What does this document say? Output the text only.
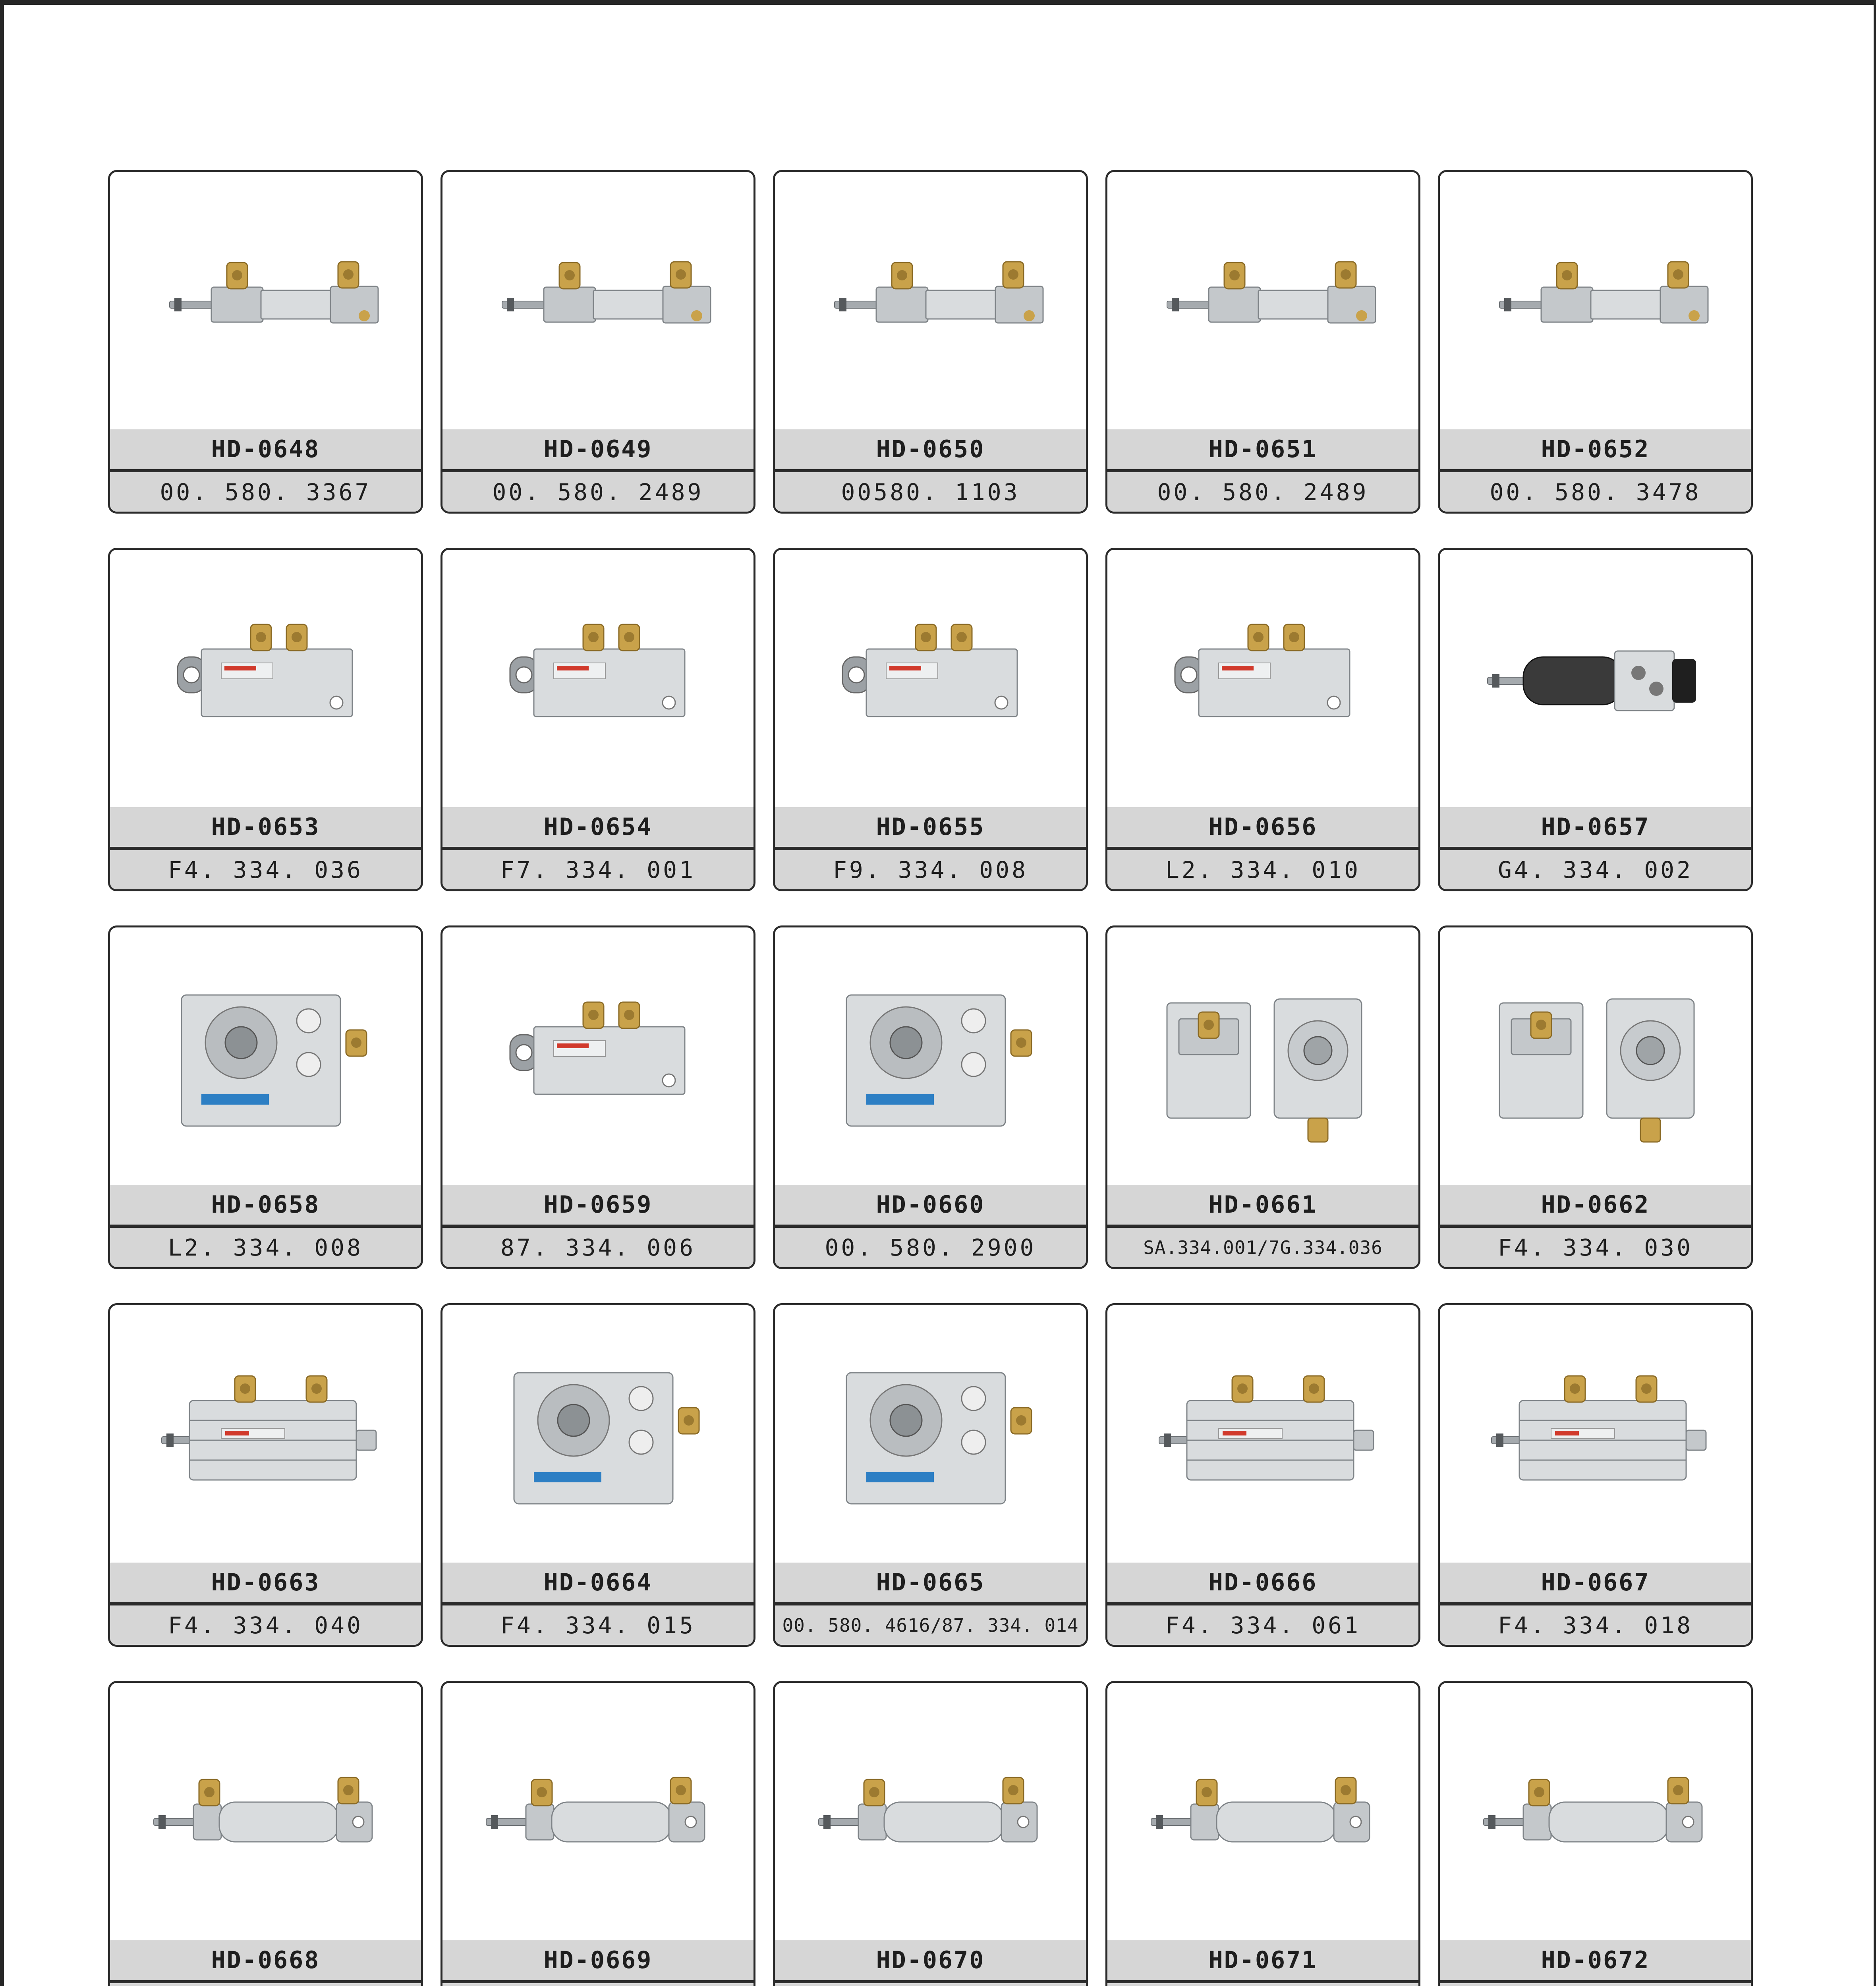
HD-0648
00. 580. 3367
HD-0649
00. 580. 2489
HD-0650
00580. 1103
HD-0651
00. 580. 2489
HD-0652
00. 580. 3478
HD-0653
F4. 334. 036
HD-0654
F7. 334. 001
HD-0655
F9. 334. 008
HD-0656
L2. 334. 010
HD-0657
G4. 334. 002
HD-0658
L2. 334. 008
HD-0659
87. 334. 006
HD-0660
00. 580. 2900
HD-0661
SA.334.001/7G.334.036
HD-0662
F4. 334. 030
HD-0663
F4. 334. 040
HD-0664
F4. 334. 015
HD-0665
00. 580. 4616/87. 334. 014
HD-0666
F4. 334. 061
HD-0667
F4. 334. 018
HD-0668	HD-0669	HD-0670	HD-0671	HD-0672
